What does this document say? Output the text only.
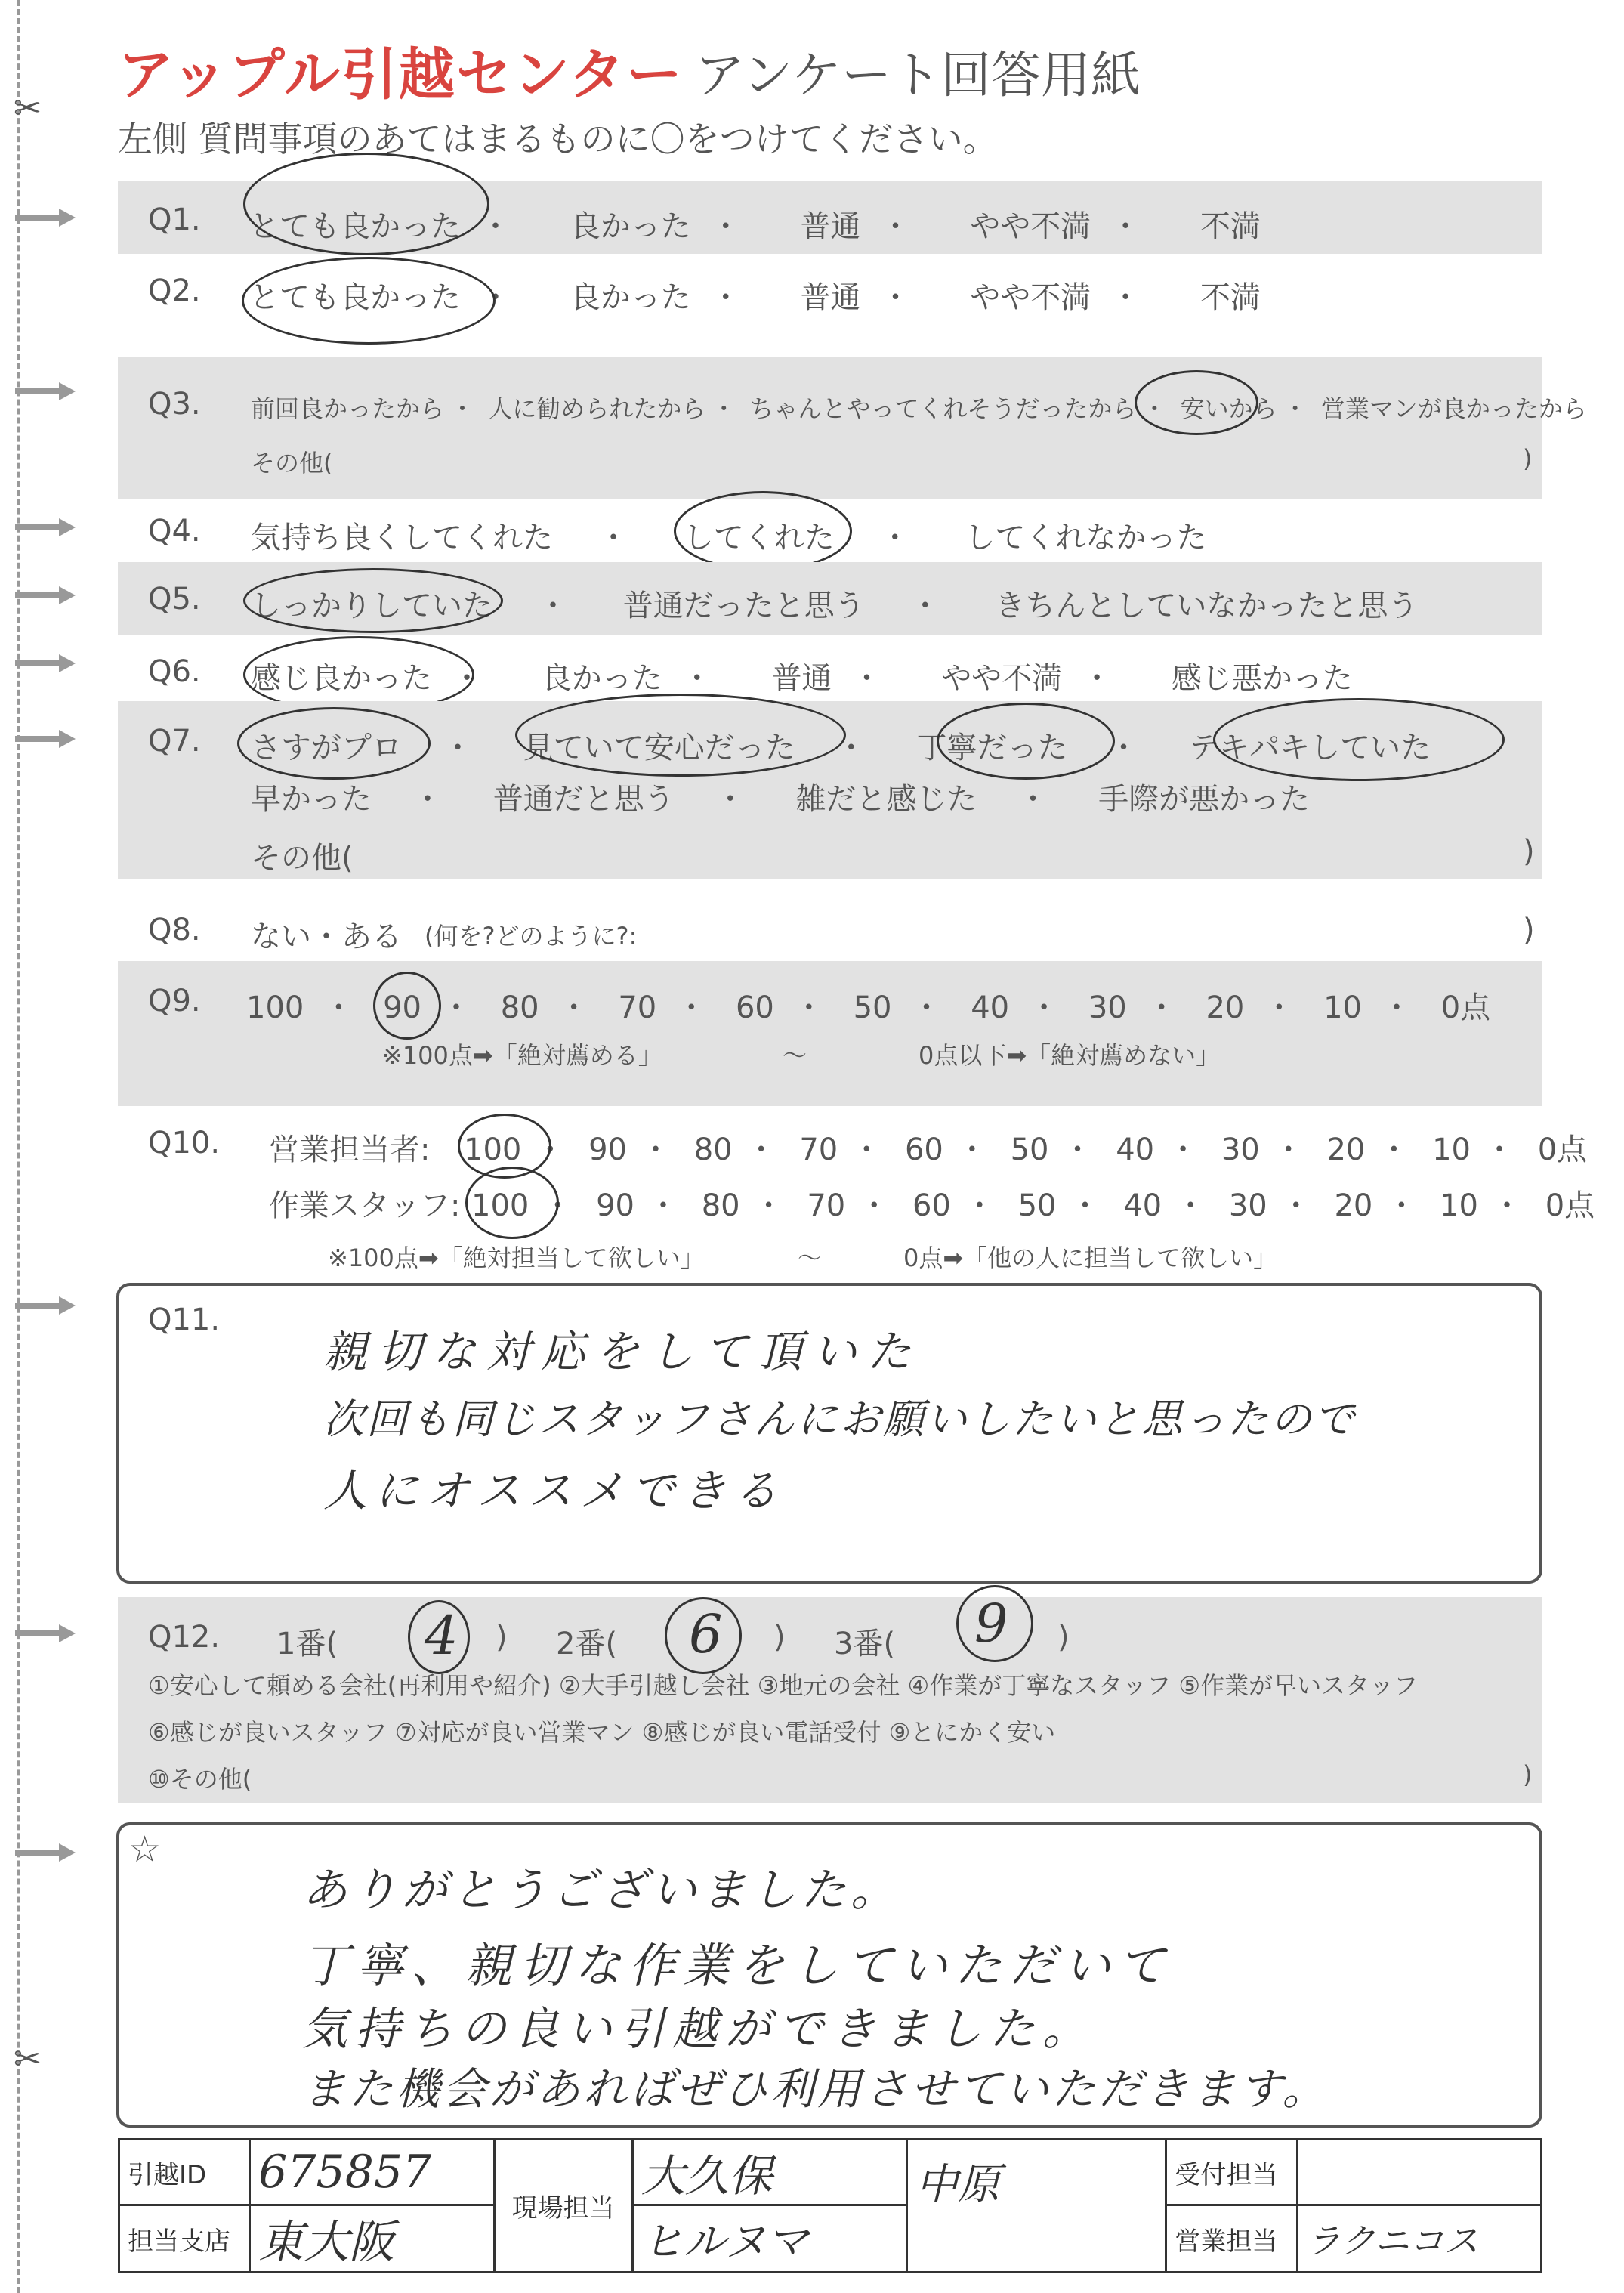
✂
✂
アップル引越センター アンケート回答用紙
左側 質問事項のあてはまるものに〇をつけてください。
Q1. とても良かった ・ 良かった ・ 普通 ・ やや不満 ・ 不満
Q2. とても良かった ・ 良かった ・ 普通 ・ やや不満 ・ 不満
Q3. 前回良かったから ・ 人に勧められたから ・ ちゃんとやってくれそうだったから ・ 安いから ・ 営業マンが良かったから
その他(	)
Q4. 気持ち良くしてくれた ・ してくれた ・ してくれなかった
Q5. しっかりしていた ・ 普通だったと思う ・ きちんとしていなかったと思う
Q6. 感じ良かった ・ 良かった ・ 普通 ・ やや不満 ・ 感じ悪かった
Q7. さすがプロ ・ 見ていて安心だった ・ 丁寧だった ・ テキパキしていた
早かった ・ 普通だと思う ・ 雑だと感じた ・ 手際が悪かった
その他(	)
Q8. ない・ある (何を?どのように?:	)
Q9. 100 ・ 90 ・ 80 ・ 70 ・ 60 ・ 50 ・ 40 ・ 30 ・ 20 ・ 10 ・ 0点
※100点➡「絶対薦める」	〜	0点以下➡「絶対薦めない」
Q10. 営業担当者: 100 ・ 90 ・ 80 ・ 70 ・ 60 ・ 50 ・ 40 ・ 30 ・ 20 ・ 10 ・ 0点
作業スタッフ: 100 ・ 90 ・ 80 ・ 70 ・ 60 ・ 50 ・ 40 ・ 30 ・ 20 ・ 10 ・ 0点
※100点➡「絶対担当して欲しい」	〜	0点➡「他の人に担当して欲しい」
Q11.
親切な対応をして頂いた
次回も同じスタッフさんにお願いしたいと思ったので
人にオススメできる
Q12. 1番( 4 ) 2番( 6 ) 3番( 9 )
①安心して頼める会社(再利用や紹介) ②大手引越し会社 ③地元の会社 ④作業が丁寧なスタッフ ⑤作業が早いスタッフ
⑥感じが良いスタッフ ⑦対応が良い営業マン ⑧感じが良い電話受付 ⑨とにかく安い
⑩その他(	)
☆
ありがとうございました。
丁寧、親切な作業をしていただいて
気持ちの良い引越ができました。
また機会があればぜひ利用させていただきます。
引越ID	675857	現場担当	大久保	中原	受付担当	
担当支店	東大阪		ヒルヌマ		営業担当	ラクニコス
